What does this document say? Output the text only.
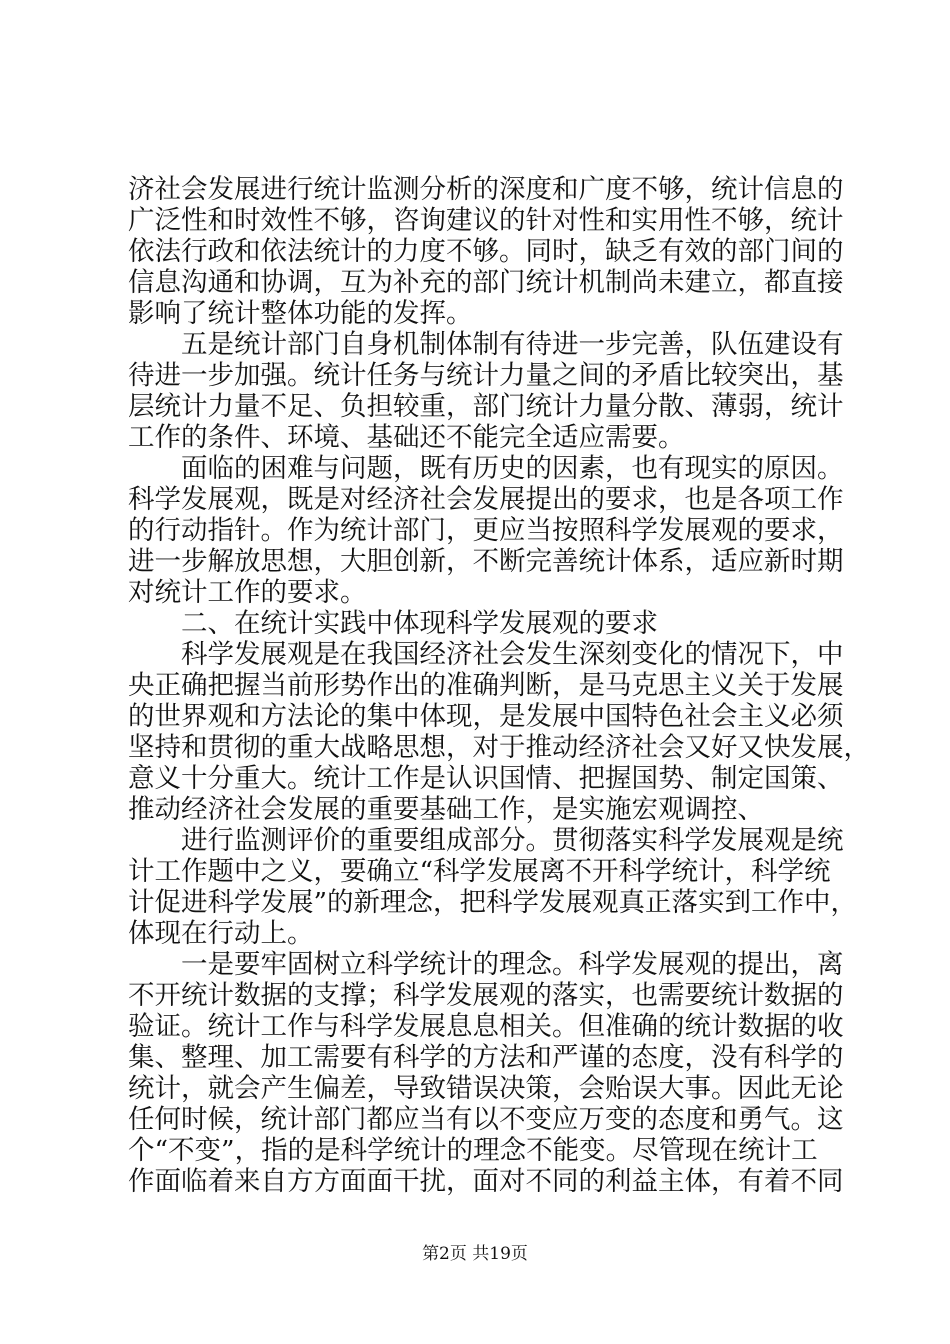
济社会发展进行统计监测分析的深度和广度不够，统计信息的
广泛性和时效性不够，咨询建议的针对性和实用性不够，统计
依法行政和依法统计的力度不够。同时，缺乏有效的部门间的
信息沟通和协调，互为补充的部门统计机制尚未建立，都直接
影响了统计整体功能的发挥。
五是统计部门自身机制体制有待进一步完善，队伍建设有
待进一步加强。统计任务与统计力量之间的矛盾比较突出，基
层统计力量不足、负担较重，部门统计力量分散、薄弱，统计
工作的条件、环境、基础还不能完全适应需要。
面临的困难与问题，既有历史的因素，也有现实的原因。
科学发展观，既是对经济社会发展提出的要求，也是各项工作
的行动指针。作为统计部门，更应当按照科学发展观的要求，
进一步解放思想，大胆创新，不断完善统计体系，适应新时期
对统计工作的要求。
二、在统计实践中体现科学发展观的要求
科学发展观是在我国经济社会发生深刻变化的情况下，中
央正确把握当前形势作出的准确判断，是马克思主义关于发展
的世界观和方法论的集中体现，是发展中国特色社会主义必须
坚持和贯彻的重大战略思想，对于推动经济社会又好又快发展，
意义十分重大。统计工作是认识国情、把握国势、制定国策、
推动经济社会发展的重要基础工作，是实施宏观调控、
进行监测评价的重要组成部分。贯彻落实科学发展观是统
计工作题中之义，要确立“科学发展离不开科学统计，科学统
计促进科学发展”的新理念，把科学发展观真正落实到工作中，
体现在行动上。
一是要牢固树立科学统计的理念。科学发展观的提出，离
不开统计数据的支撑；科学发展观的落实，也需要统计数据的
验证。统计工作与科学发展息息相关。但准确的统计数据的收
集、整理、加工需要有科学的方法和严谨的态度，没有科学的
统计，就会产生偏差，导致错误决策，会贻误大事。因此无论
任何时候，统计部门都应当有以不变应万变的态度和勇气。这
个“不变”，指的是科学统计的理念不能变。尽管现在统计工
作面临着来自方方面面干扰，面对不同的利益主体，有着不同
第2页 共19页
